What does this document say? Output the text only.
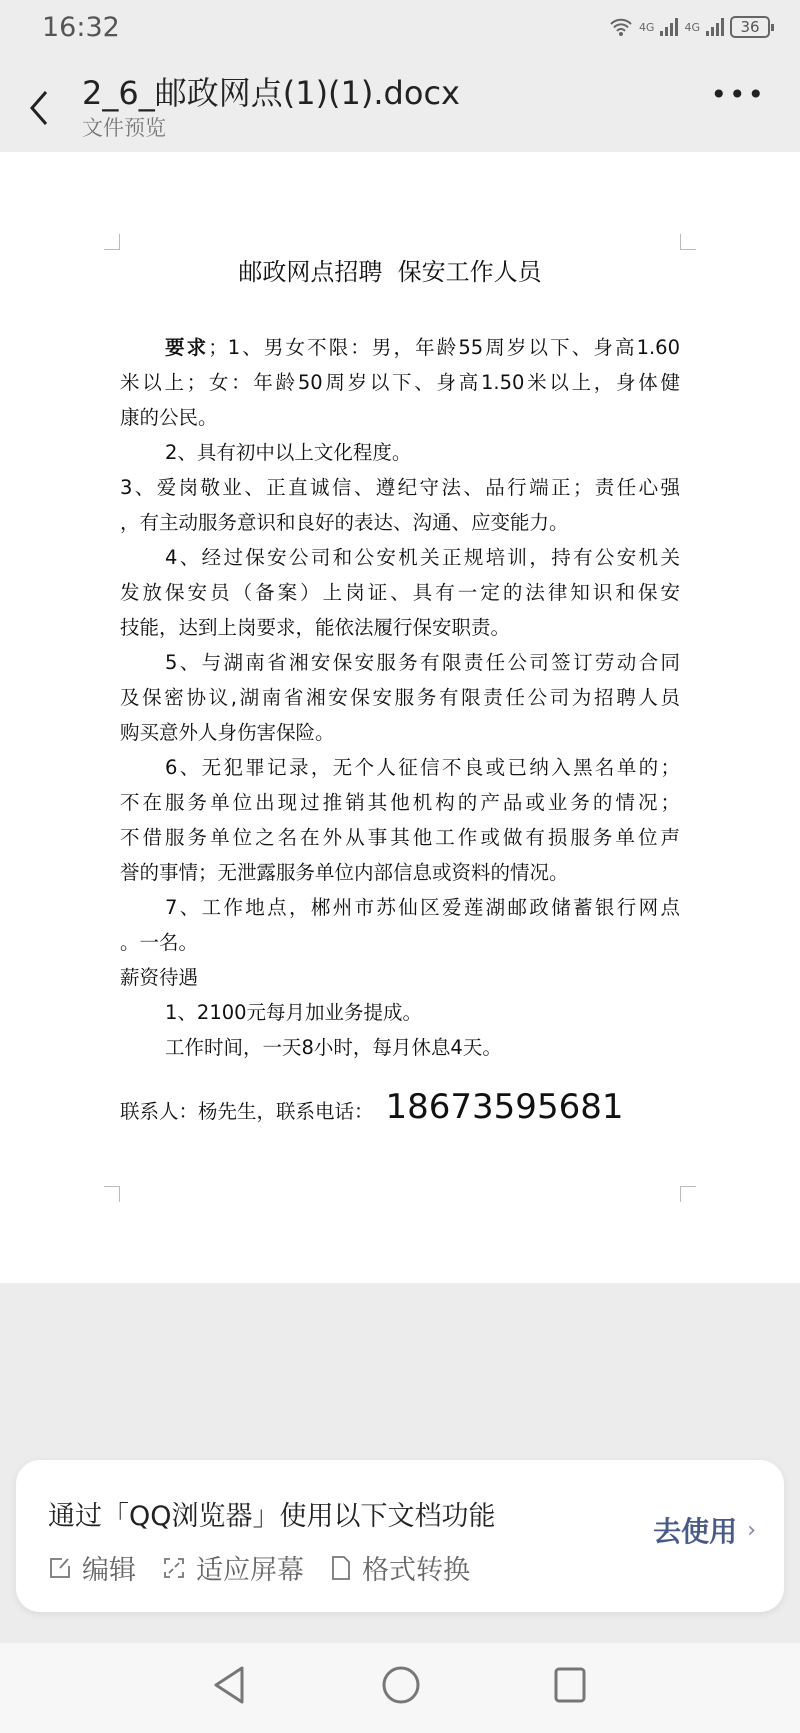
16:32	4G	4G	36
2_6_邮政网点(1)(1).docx
文件预览
•••
邮政网点招聘  保安工作人员
要求；1、男女不限：男，年龄55周岁以下、身高1.60
米以上；女：年龄50周岁以下、身高1.50米以上，身体健
康的公民。
2、具有初中以上文化程度。
3、爱岗敬业、正直诚信、遵纪守法、品行端正；责任心强
，有主动服务意识和良好的表达、沟通、应变能力。
4、经过保安公司和公安机关正规培训，持有公安机关
发放保安员（备案）上岗证、具有一定的法律知识和保安
技能，达到上岗要求，能依法履行保安职责。
5、与湖南省湘安保安服务有限责任公司签订劳动合同
及保密协议,湖南省湘安保安服务有限责任公司为招聘人员
购买意外人身伤害保险。
6、无犯罪记录，无个人征信不良或已纳入黑名单的；
不在服务单位出现过推销其他机构的产品或业务的情况；
不借服务单位之名在外从事其他工作或做有损服务单位声
誉的事情；无泄露服务单位内部信息或资料的情况。
7、工作地点，郴州市苏仙区爱莲湖邮政储蓄银行网点
。一名。
薪资待遇
1、2100元每月加业务提成。
工作时间，一天8小时，每月休息4天。
联系人：杨先生，联系电话： 18673595681
通过「QQ浏览器」使用以下文档功能
编辑 适应屏幕 格式转换
去使用 ›
